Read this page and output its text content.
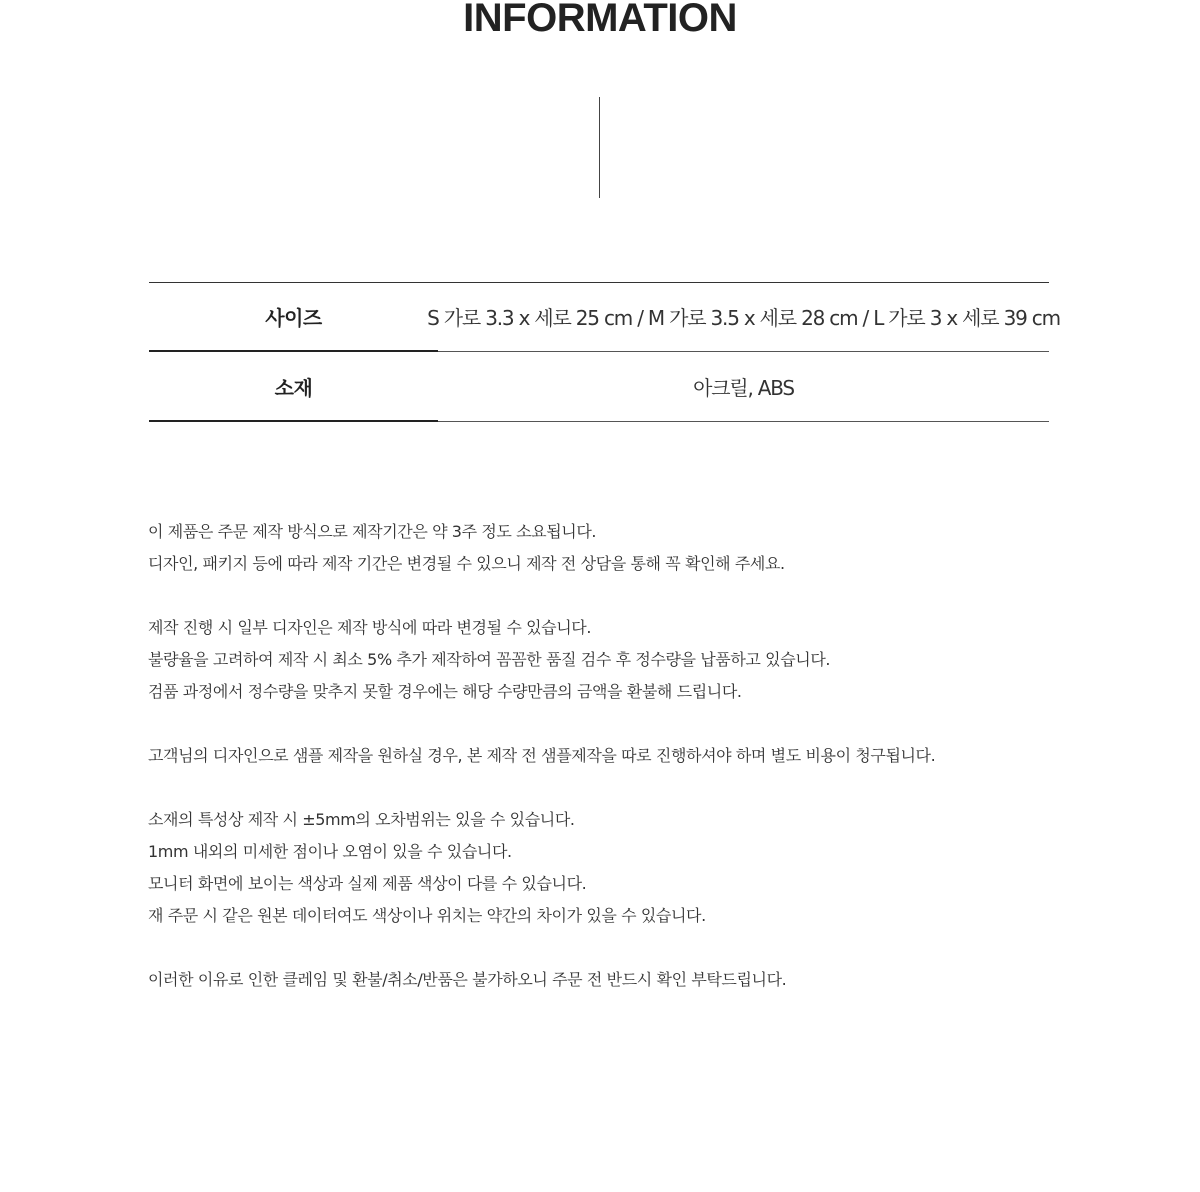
INFORMATION
사이즈	S 가로 3.3 x 세로 25 cm / M 가로 3.5 x 세로 28 cm / L 가로 3 x 세로 39 cm
소재	아크릴, ABS
이 제품은 주문 제작 방식으로 제작기간은 약 3주 정도 소요됩니다.
디자인, 패키지 등에 따라 제작 기간은 변경될 수 있으니 제작 전 상담을 통해 꼭 확인해 주세요.
제작 진행 시 일부 디자인은 제작 방식에 따라 변경될 수 있습니다.
불량율을 고려하여 제작 시 최소 5% 추가 제작하여 꼼꼼한 품질 검수 후 정수량을 납품하고 있습니다.
검품 과정에서 정수량을 맞추지 못할 경우에는 해당 수량만큼의 금액을 환불해 드립니다.
고객님의 디자인으로 샘플 제작을 원하실 경우, 본 제작 전 샘플제작을 따로 진행하셔야 하며 별도 비용이 청구됩니다.
소재의 특성상 제작 시 ±5mm의 오차범위는 있을 수 있습니다.
1mm 내외의 미세한 점이나 오염이 있을 수 있습니다.
모니터 화면에 보이는 색상과 실제 제품 색상이 다를 수 있습니다.
재 주문 시 같은 원본 데이터여도 색상이나 위치는 약간의 차이가 있을 수 있습니다.
이러한 이유로 인한 클레임 및 환불/취소/반품은 불가하오니 주문 전 반드시 확인 부탁드립니다.
